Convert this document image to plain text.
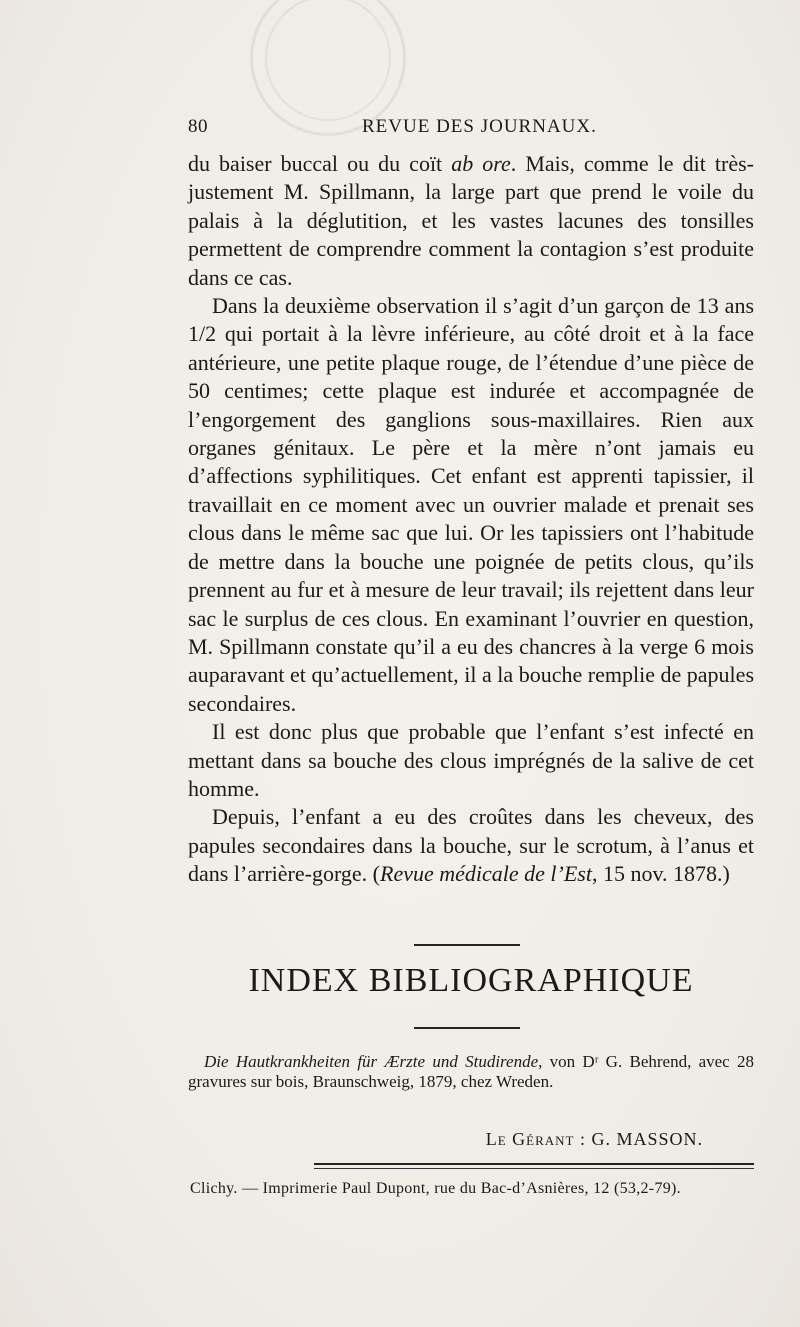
80	REVUE DES JOURNAUX.

du baiser buccal ou du coït ab ore. Mais, comme le dit très-justement M. Spillmann, la large part que prend le voile du palais à la déglutition, et les vastes lacunes des tonsilles permettent de comprendre comment la contagion s’est produite dans ce cas.

Dans la deuxième observation il s’agit d’un garçon de 13 ans 1/2 qui portait à la lèvre inférieure, au côté droit et à la face antérieure, une petite plaque rouge, de l’étendue d’une pièce de 50 centimes; cette plaque est indurée et accompagnée de l’engorgement des ganglions sous-maxillaires. Rien aux organes génitaux. Le père et la mère n’ont jamais eu d’affections syphilitiques. Cet enfant est apprenti tapissier, il travaillait en ce moment avec un ouvrier malade et prenait ses clous dans le même sac que lui. Or les tapissiers ont l’habitude de mettre dans la bouche une poignée de petits clous, qu’ils prennent au fur et à mesure de leur travail; ils rejettent dans leur sac le surplus de ces clous. En examinant l’ouvrier en question, M. Spillmann constate qu’il a eu des chancres à la verge 6 mois auparavant et qu’actuellement, il a la bouche remplie de papules secondaires.

Il est donc plus que probable que l’enfant s’est infecté en mettant dans sa bouche des clous imprégnés de la salive de cet homme.

Depuis, l’enfant a eu des croûtes dans les cheveux, des papules secondaires dans la bouche, sur le scrotum, à l’anus et dans l’arrière-gorge. (Revue médicale de l’Est, 15 nov. 1878.)

INDEX BIBLIOGRAPHIQUE
Die Hautkrankheiten für Ærzte und Studirende, von Dʳ G. Behrend, avec 28 gravures sur bois, Braunschweig, 1879, chez Wreden.
Le Gérant : G. MASSON.
Clichy. — Imprimerie Paul Dupont, rue du Bac-d’Asnières, 12 (53,2-79).
